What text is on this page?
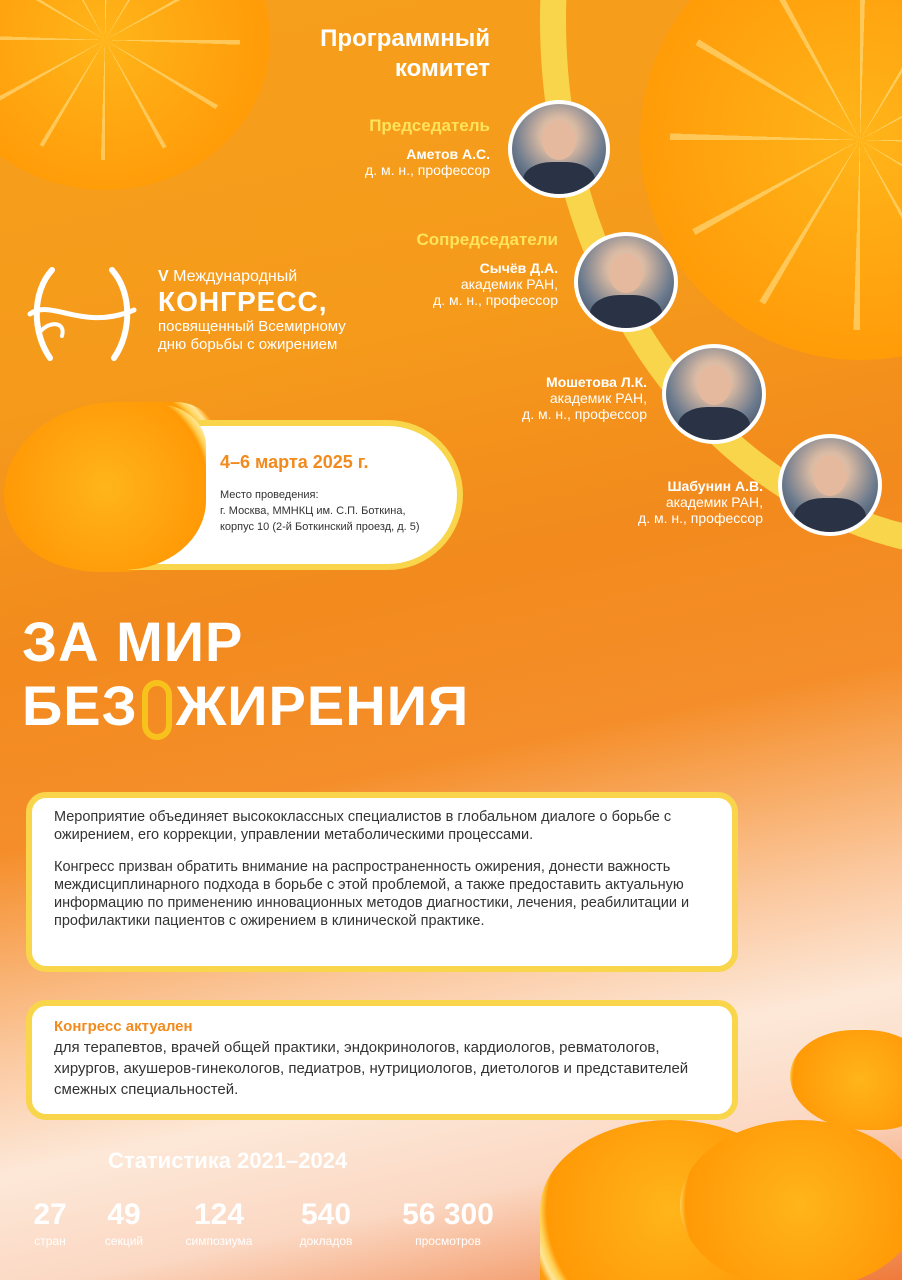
Программный комитет
Председатель
Аметов А.С.
д. м. н., профессор
Сопредседатели
Сычёв Д.А.
академик РАН,
д. м. н., профессор
Мошетова Л.К.
академик РАН,
д. м. н., профессор
Шабунин А.В.
академик РАН,
д. м. н., профессор
V Международный
КОНГРЕСС,
посвященный Всемирному
дню борьбы с ожирением
4–6 марта 2025 г.
Место проведения:
г. Москва, ММНКЦ им. С.П. Боткина,
корпус 10 (2-й Боткинский проезд, д. 5)
ЗА МИР
БЕЗ ЖИРЕНИЯ

Мероприятие объединяет высококлассных специалистов в глобальном диалоге о борьбе с ожирением, его коррекции, управлении метаболическими процессами.

Конгресс призван обратить внимание на распространенность ожирения, донести важность междисциплинарного подхода в борьбе с этой проблемой, а также предоставить актуальную информацию по применению инновационных методов диагностики, лечения, реабилитации и профилактики пациентов с ожирением в клинической практике.

Конгресс актуален
для терапевтов, врачей общей практики, эндокринологов, кардиологов, ревматологов, хирургов, акушеров-гинекологов, педиатров, нутрициологов, диетологов и представителей смежных специальностей.
Статистика 2021–2024
27
стран
49
секций
124
симпозиума
540
докладов
56 300
просмотров
